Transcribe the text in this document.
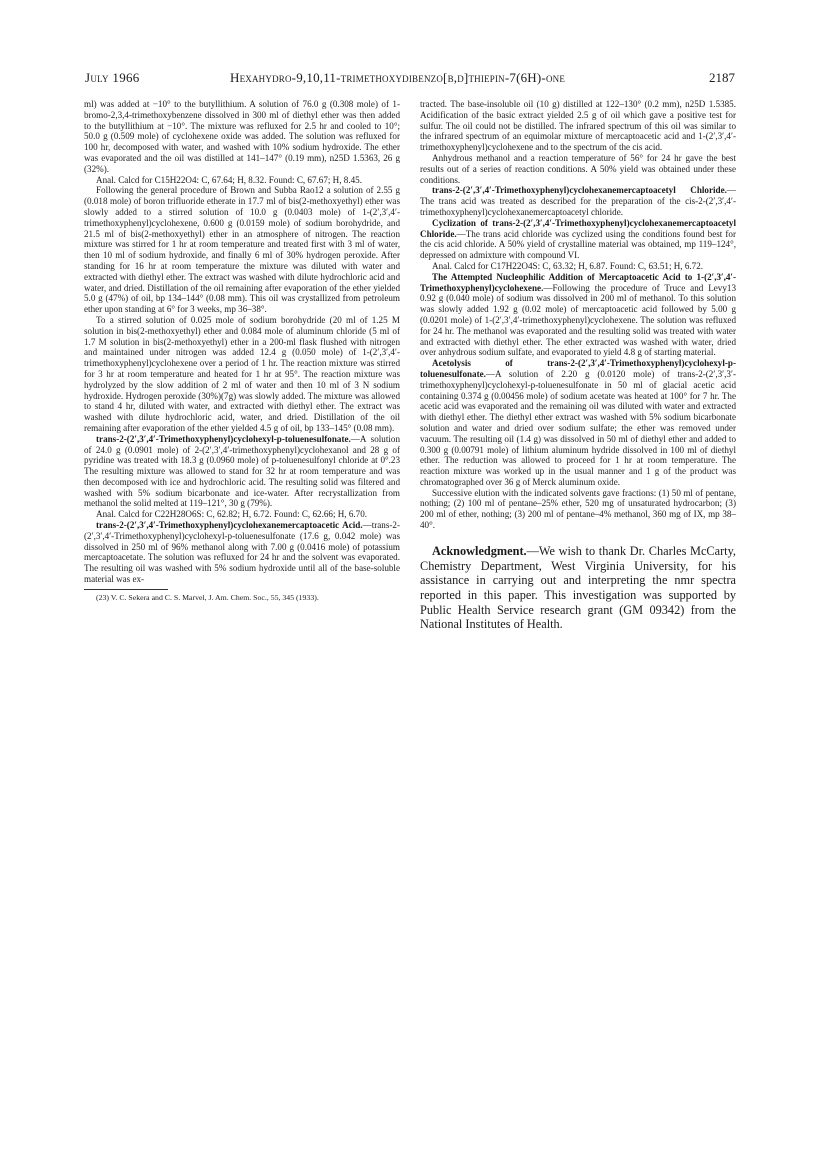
July 1966	Hexahydro-9,10,11-trimethoxydibenzo[b,d]thiepin-7(6H)-one	2187

ml) was added at −10° to the butyllithium. A solution of 76.0 g (0.308 mole) of 1-bromo-2,3,4-trimethoxybenzene dissolved in 300 ml of diethyl ether was then added to the butyllithium at −10°. The mixture was refluxed for 2.5 hr and cooled to 10°; 50.0 g (0.509 mole) of cyclohexene oxide was added. The solution was refluxed for 100 hr, decomposed with water, and washed with 10% sodium hydroxide. The ether was evaporated and the oil was distilled at 141–147° (0.19 mm), n25D 1.5363, 26 g (32%).

Anal. Calcd for C15H22O4: C, 67.64; H, 8.32. Found: C, 67.67; H, 8.45.

Following the general procedure of Brown and Subba Rao12 a solution of 2.55 g (0.018 mole) of boron trifluoride etherate in 17.7 ml of bis(2-methoxyethyl) ether was slowly added to a stirred solution of 10.0 g (0.0403 mole) of 1-(2′,3′,4′-trimethoxyphenyl)cyclohexene, 0.600 g (0.0159 mole) of sodium borohydride, and 21.5 ml of bis(2-methoxyethyl) ether in an atmosphere of nitrogen. The reaction mixture was stirred for 1 hr at room temperature and treated first with 3 ml of water, then 10 ml of sodium hydroxide, and finally 6 ml of 30% hydrogen peroxide. After standing for 16 hr at room temperature the mixture was diluted with water and extracted with diethyl ether. The extract was washed with dilute hydrochloric acid and water, and dried. Distillation of the oil remaining after evaporation of the ether yielded 5.0 g (47%) of oil, bp 134–144° (0.08 mm). This oil was crystallized from petroleum ether upon standing at 6° for 3 weeks, mp 36–38°.

To a stirred solution of 0.025 mole of sodium borohydride (20 ml of 1.25 M solution in bis(2-methoxyethyl) ether and 0.084 mole of aluminum chloride (5 ml of 1.7 M solution in bis(2-methoxyethyl) ether in a 200-ml flask flushed with nitrogen and maintained under nitrogen was added 12.4 g (0.050 mole) of 1-(2′,3′,4′-trimethoxyphenyl)cyclohexene over a period of 1 hr. The reaction mixture was stirred for 3 hr at room temperature and heated for 1 hr at 95°. The reaction mixture was hydrolyzed by the slow addition of 2 ml of water and then 10 ml of 3 N sodium hydroxide. Hydrogen peroxide (30%)(7g) was slowly added. The mixture was allowed to stand 4 hr, diluted with water, and extracted with diethyl ether. The extract was washed with dilute hydrochloric acid, water, and dried. Distillation of the oil remaining after evaporation of the ether yielded 4.5 g of oil, bp 133–145° (0.08 mm).

trans-2-(2′,3′,4′-Trimethoxyphenyl)cyclohexyl-p-toluenesulfonate.—A solution of 24.0 g (0.0901 mole) of 2-(2′,3′,4′-trimethoxyphenyl)cyclohexanol and 28 g of pyridine was treated with 18.3 g (0.0960 mole) of p-toluenesulfonyl chloride at 0°.23 The resulting mixture was allowed to stand for 32 hr at room temperature and was then decomposed with ice and hydrochloric acid. The resulting solid was filtered and washed with 5% sodium bicarbonate and ice-water. After recrystallization from methanol the solid melted at 119–121°, 30 g (79%).

Anal. Calcd for C22H28O6S: C, 62.82; H, 6.72. Found: C, 62.66; H, 6.70.

trans-2-(2′,3′,4′-Trimethoxyphenyl)cyclohexanemercaptoacetic Acid.—trans-2-(2′,3′,4′-Trimethoxyphenyl)cyclohexyl-p-toluenesulfonate (17.6 g, 0.042 mole) was dissolved in 250 ml of 96% methanol along with 7.00 g (0.0416 mole) of potassium mercaptoacetate. The solution was refluxed for 24 hr and the solvent was evaporated. The resulting oil was washed with 5% sodium hydroxide until all of the base-soluble material was ex-

(23) V. C. Sekera and C. S. Marvel, J. Am. Chem. Soc., 55, 345 (1933).

tracted. The base-insoluble oil (10 g) distilled at 122–130° (0.2 mm), n25D 1.5385. Acidification of the basic extract yielded 2.5 g of oil which gave a positive test for sulfur. The oil could not be distilled. The infrared spectrum of this oil was similar to the infrared spectrum of an equimolar mixture of mercaptoacetic acid and 1-(2′,3′,4′-trimethoxyphenyl)cyclohexene and to the spectrum of the cis acid.

Anhydrous methanol and a reaction temperature of 56° for 24 hr gave the best results out of a series of reaction conditions. A 50% yield was obtained under these conditions.

trans-2-(2′,3′,4′-Trimethoxyphenyl)cyclohexanemercaptoacetyl Chloride.—The trans acid was treated as described for the preparation of the cis-2-(2′,3′,4′-trimethoxyphenyl)cyclohexanemercaptoacetyl chloride.

Cyclization of trans-2-(2′,3′,4′-Trimethoxyphenyl)cyclohexanemercaptoacetyl Chloride.—The trans acid chloride was cyclized using the conditions found best for the cis acid chloride. A 50% yield of crystalline material was obtained, mp 119–124°, depressed on admixture with compound VI.

Anal. Calcd for C17H22O4S: C, 63.32; H, 6.87. Found: C, 63.51; H, 6.72.

The Attempted Nucleophilic Addition of Mercaptoacetic Acid to 1-(2′,3′,4′-Trimethoxyphenyl)cyclohexene.—Following the procedure of Truce and Levy13 0.92 g (0.040 mole) of sodium was dissolved in 200 ml of methanol. To this solution was slowly added 1.92 g (0.02 mole) of mercaptoacetic acid followed by 5.00 g (0.0201 mole) of 1-(2′,3′,4′-trimethoxyphenyl)cyclohexene. The solution was refluxed for 24 hr. The methanol was evaporated and the resulting solid was treated with water and extracted with diethyl ether. The ether extracted was washed with water, dried over anhydrous sodium sulfate, and evaporated to yield 4.8 g of starting material.

Acetolysis of trans-2-(2′,3′,4′-Trimethoxyphenyl)cyclohexyl-p-toluenesulfonate.—A solution of 2.20 g (0.0120 mole) of trans-2-(2′,3′,3′-trimethoxyphenyl)cyclohexyl-p-toluenesulfonate in 50 ml of glacial acetic acid containing 0.374 g (0.00456 mole) of sodium acetate was heated at 100° for 7 hr. The acetic acid was evaporated and the remaining oil was diluted with water and extracted with diethyl ether. The diethyl ether extract was washed with 5% sodium bicarbonate solution and water and dried over sodium sulfate; the ether was removed under vacuum. The resulting oil (1.4 g) was dissolved in 50 ml of diethyl ether and added to 0.300 g (0.00791 mole) of lithium aluminum hydride dissolved in 100 ml of diethyl ether. The reduction was allowed to proceed for 1 hr at room temperature. The reaction mixture was worked up in the usual manner and 1 g of the product was chromatographed over 36 g of Merck aluminum oxide.

Successive elution with the indicated solvents gave fractions: (1) 50 ml of pentane, nothing; (2) 100 ml of pentane–25% ether, 520 mg of unsaturated hydrocarbon; (3) 200 ml of ether, nothing; (3) 200 ml of pentane–4% methanol, 360 mg of IX, mp 38–40°.

Acknowledgment.—We wish to thank Dr. Charles McCarty, Chemistry Department, West Virginia University, for his assistance in carrying out and interpreting the nmr spectra reported in this paper. This investigation was supported by Public Health Service research grant (GM 09342) from the National Institutes of Health.
